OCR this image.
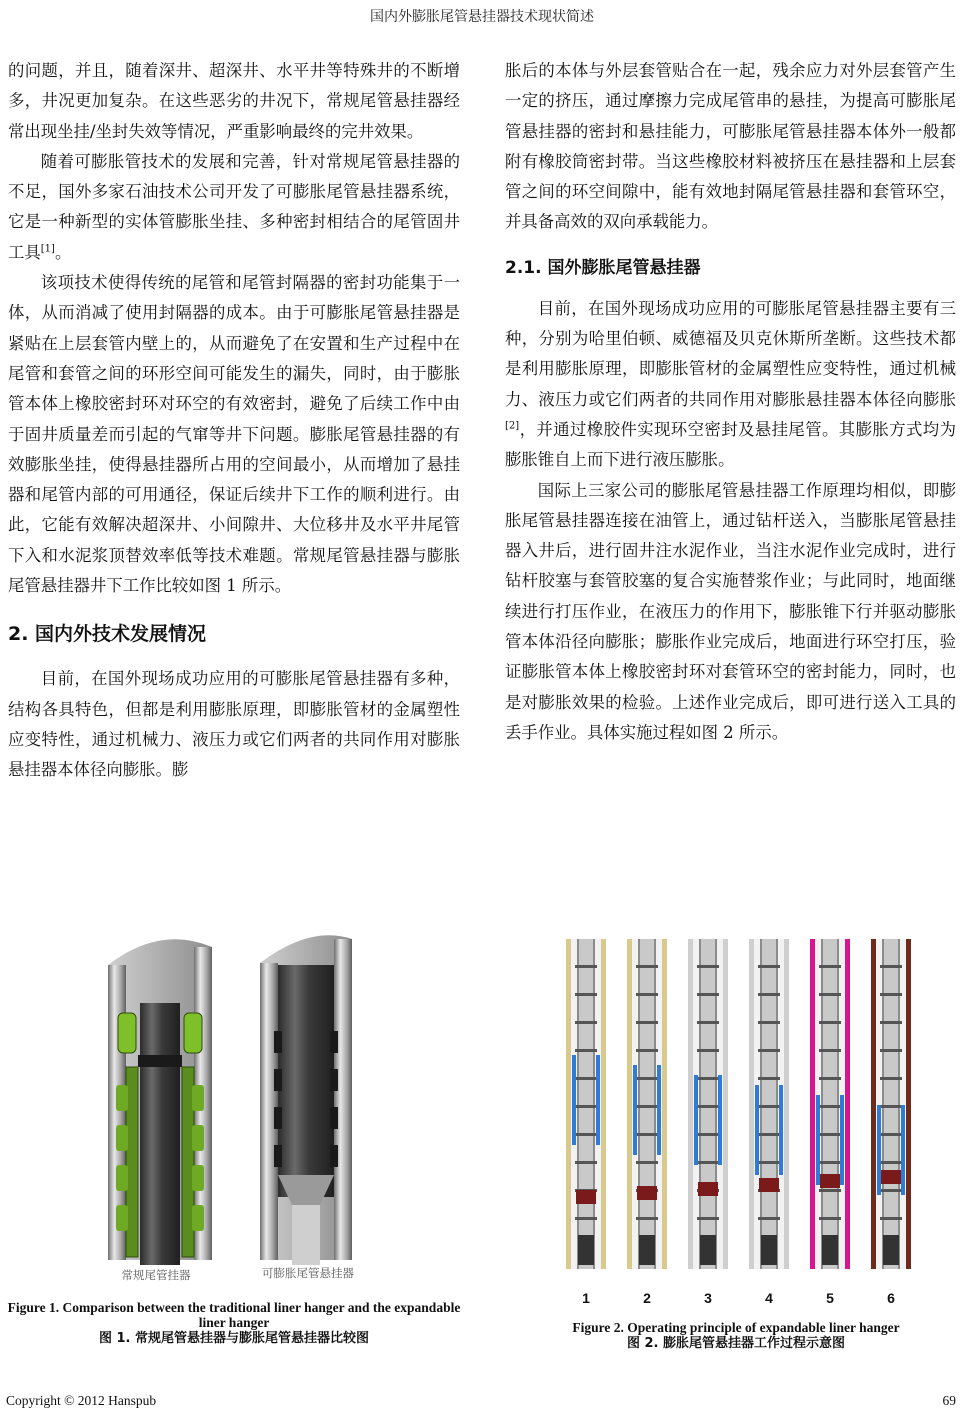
国内外膨胀尾管悬挂器技术现状简述

的问题，并且，随着深井、超深井、水平井等特殊井的不断增多，井况更加复杂。在这些恶劣的井况下，常规尾管悬挂器经常出现坐挂/坐封失效等情况，严重影响最终的完井效果。

随着可膨胀管技术的发展和完善，针对常规尾管悬挂器的不足，国外多家石油技术公司开发了可膨胀尾管悬挂器系统，它是一种新型的实体管膨胀坐挂、多种密封相结合的尾管固井工具[1]。

该项技术使得传统的尾管和尾管封隔器的密封功能集于一体，从而消减了使用封隔器的成本。由于可膨胀尾管悬挂器是紧贴在上层套管内壁上的，从而避免了在安置和生产过程中在尾管和套管之间的环形空间可能发生的漏失，同时，由于膨胀管本体上橡胶密封环对环空的有效密封，避免了后续工作中由于固井质量差而引起的气窜等井下问题。膨胀尾管悬挂器的有效膨胀坐挂，使得悬挂器所占用的空间最小，从而增加了悬挂器和尾管内部的可用通径，保证后续井下工作的顺利进行。由此，它能有效解决超深井、小间隙井、大位移井及水平井尾管下入和水泥浆顶替效率低等技术难题。常规尾管悬挂器与膨胀尾管悬挂器井下工作比较如图 1 所示。

2. 国内外技术发展情况

目前，在国外现场成功应用的可膨胀尾管悬挂器有多种，结构各具特色，但都是利用膨胀原理，即膨胀管材的金属塑性应变特性，通过机械力、液压力或它们两者的共同作用对膨胀悬挂器本体径向膨胀。膨

胀后的本体与外层套管贴合在一起，残余应力对外层套管产生一定的挤压，通过摩擦力完成尾管串的悬挂，为提高可膨胀尾管悬挂器的密封和悬挂能力，可膨胀尾管悬挂器本体外一般都附有橡胶筒密封带。当这些橡胶材料被挤压在悬挂器和上层套管之间的环空间隙中，能有效地封隔尾管悬挂器和套管环空，并具备高效的双向承载能力。

2.1. 国外膨胀尾管悬挂器

目前，在国外现场成功应用的可膨胀尾管悬挂器主要有三种，分别为哈里伯顿、威德福及贝克休斯所垄断。这些技术都是利用膨胀原理，即膨胀管材的金属塑性应变特性，通过机械力、液压力或它们两者的共同作用对膨胀悬挂器本体径向膨胀[2]，并通过橡胶件实现环空密封及悬挂尾管。其膨胀方式均为膨胀锥自上而下进行液压膨胀。

国际上三家公司的膨胀尾管悬挂器工作原理均相似，即膨胀尾管悬挂器连接在油管上，通过钻杆送入，当膨胀尾管悬挂器入井后，进行固井注水泥作业，当注水泥作业完成时，进行钻杆胶塞与套管胶塞的复合实施替浆作业；与此同时，地面继续进行打压作业，在液压力的作用下，膨胀锥下行并驱动膨胀管本体沿径向膨胀；膨胀作业完成后，地面进行环空打压，验证膨胀管本体上橡胶密封环对套管环空的密封能力，同时，也是对膨胀效果的检验。上述作业完成后，即可进行送入工具的丢手作业。具体实施过程如图 2 所示。

常规尾管挂器	可膨胀尾管悬挂器
Figure 1. Comparison between the traditional liner hanger and the expandable liner hanger
图 1. 常规尾管悬挂器与膨胀尾管悬挂器比较图
1	2	3	4	5	6
Figure 2. Operating principle of expandable liner hanger
图 2. 膨胀尾管悬挂器工作过程示意图
Copyright © 2012 Hanspub	69
